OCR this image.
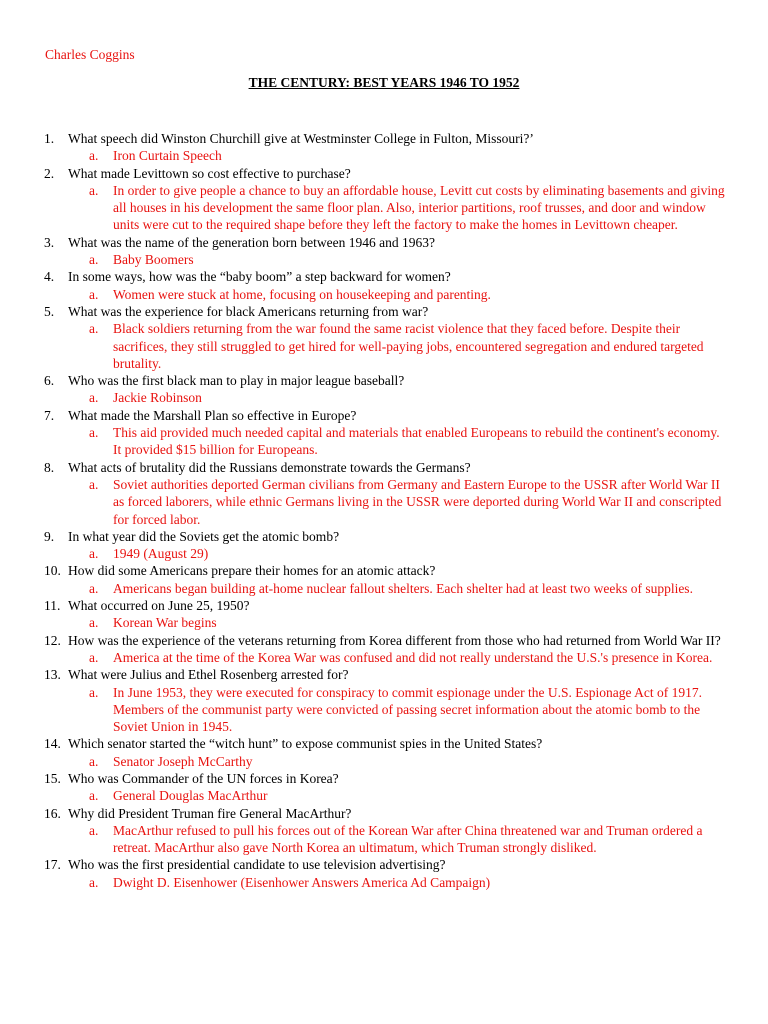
Charles Coggins
THE CENTURY: BEST YEARS 1946 TO 1952
1. What speech did Winston Churchill give at Westminster College in Fulton, Missouri?’
a. Iron Curtain Speech
2. What made Levittown so cost effective to purchase?
a. In order to give people a chance to buy an affordable house, Levitt cut costs by eliminating basements and giving all houses in his development the same floor plan. Also, interior partitions, roof trusses, and door and window units were cut to the required shape before they left the factory to make the homes in Levittown cheaper.
3. What was the name of the generation born between 1946 and 1963?
a. Baby Boomers
4. In some ways, how was the “baby boom” a step backward for women?
a. Women were stuck at home, focusing on housekeeping and parenting.
5. What was the experience for black Americans returning from war?
a. Black soldiers returning from the war found the same racist violence that they faced before. Despite their sacrifices, they still struggled to get hired for well-paying jobs, encountered segregation and endured targeted brutality.
6. Who was the first black man to play in major league baseball?
a. Jackie Robinson
7. What made the Marshall Plan so effective in Europe?
a. This aid provided much needed capital and materials that enabled Europeans to rebuild the continent's economy. It provided $15 billion for Europeans.
8. What acts of brutality did the Russians demonstrate towards the Germans?
a. Soviet authorities deported German civilians from Germany and Eastern Europe to the USSR after World War II as forced laborers, while ethnic Germans living in the USSR were deported during World War II and conscripted for forced labor.
9. In what year did the Soviets get the atomic bomb?
a. 1949 (August 29)
10. How did some Americans prepare their homes for an atomic attack?
a. Americans began building at-home nuclear fallout shelters. Each shelter had at least two weeks of supplies.
11. What occurred on June 25, 1950?
a. Korean War begins
12. How was the experience of the veterans returning from Korea different from those who had returned from World War II?
a. America at the time of the Korea War was confused and did not really understand the U.S.'s presence in Korea.
13. What were Julius and Ethel Rosenberg arrested for?
a. In June 1953, they were executed for conspiracy to commit espionage under the U.S. Espionage Act of 1917. Members of the communist party were convicted of passing secret information about the atomic bomb to the Soviet Union in 1945.
14. Which senator started the “witch hunt” to expose communist spies in the United States?
a. Senator Joseph McCarthy
15. Who was Commander of the UN forces in Korea?
a. General Douglas MacArthur
16. Why did President Truman fire General MacArthur?
a. MacArthur refused to pull his forces out of the Korean War after China threatened war and Truman ordered a retreat. MacArthur also gave North Korea an ultimatum, which Truman strongly disliked.
17. Who was the first presidential candidate to use television advertising?
a. Dwight D. Eisenhower (Eisenhower Answers America Ad Campaign)
